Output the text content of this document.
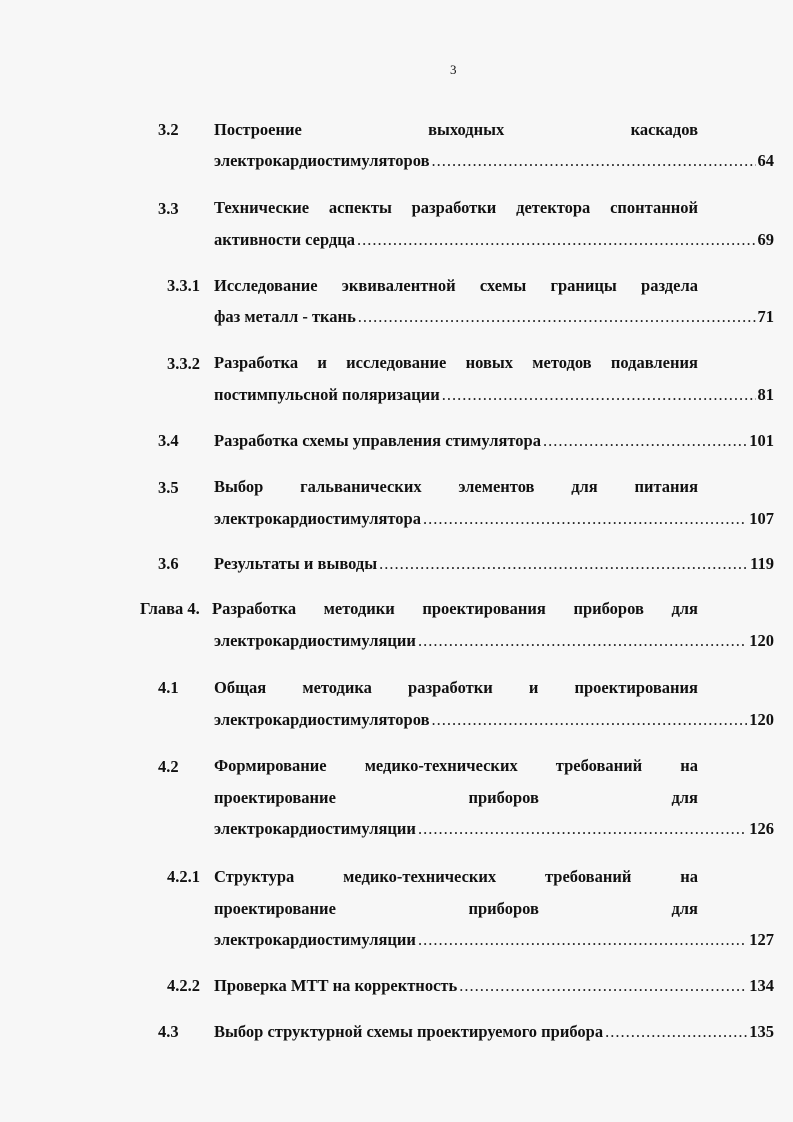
3
3.2 Построение	выходных	каскадов
электрокардиостимуляторов .....	64
3.3 Технические аспекты разработки детектора спонтанной
активности сердца .....	69
3.3.1 Исследование эквивалентной схемы границы раздела
фаз металл - ткань .....	71
3.3.2 Разработка и исследование новых методов подавления
постимпульсной поляризации .....	81
3.4 Разработка схемы управления стимулятора .....	101
3.5 Выбор гальванических элементов для питания
электрокардиостимулятора .....	107
3.6 Результаты и выводы .....	119
Глава 4. Разработка методики проектирования приборов для
электрокардиостимуляции .....	120
4.1 Общая методика разработки и проектирования
электрокардиостимуляторов .....	120
4.2 Формирование медико-технических требований на
проектирование	приборов	для
электрокардиостимуляции .....	126
4.2.1 Структура	медико-технических	требований	на
проектирование	приборов	для
электрокардиостимуляции .....	127
4.2.2 Проверка МТТ на корректность .....	134
4.3 Выбор структурной схемы проектируемого прибора .....	135
